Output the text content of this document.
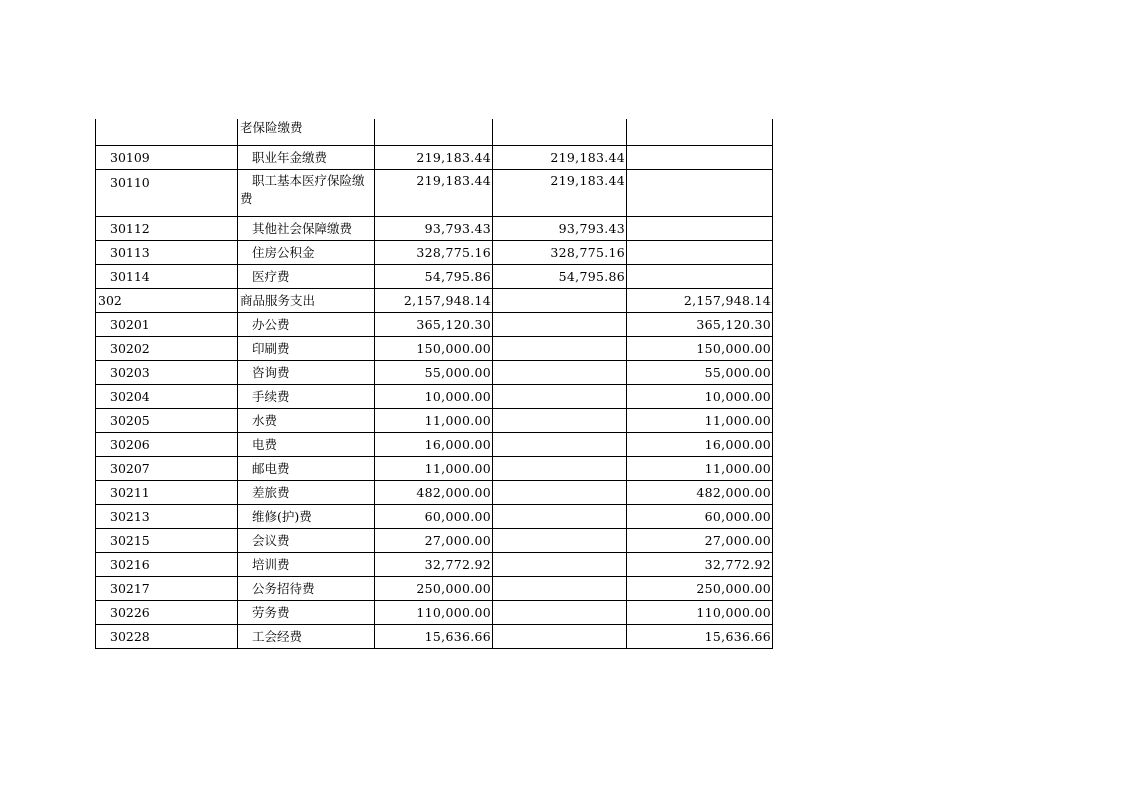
	老保险缴费			
30109	职业年金缴费	219,183.44	219,183.44	
30110	职工基本医疗保险缴费	219,183.44	219,183.44	
30112	其他社会保障缴费	93,793.43	93,793.43	
30113	住房公积金	328,775.16	328,775.16	
30114	医疗费	54,795.86	54,795.86	
302	商品服务支出	2,157,948.14		2,157,948.14
30201	办公费	365,120.30		365,120.30
30202	印刷费	150,000.00		150,000.00
30203	咨询费	55,000.00		55,000.00
30204	手续费	10,000.00		10,000.00
30205	水费	11,000.00		11,000.00
30206	电费	16,000.00		16,000.00
30207	邮电费	11,000.00		11,000.00
30211	差旅费	482,000.00		482,000.00
30213	维修(护)费	60,000.00		60,000.00
30215	会议费	27,000.00		27,000.00
30216	培训费	32,772.92		32,772.92
30217	公务招待费	250,000.00		250,000.00
30226	劳务费	110,000.00		110,000.00
30228	工会经费	15,636.66		15,636.66
